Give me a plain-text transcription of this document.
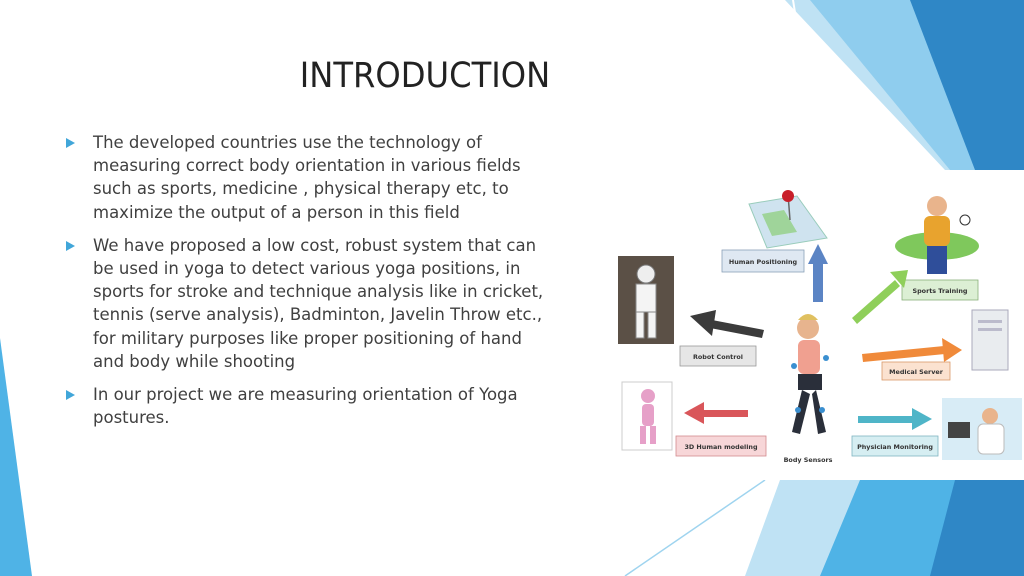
INTRODUCTION
The developed countries use the technology of measuring correct body orientation in various fields such as sports, medicine , physical therapy etc, to maximize the output of a person in this field
We have proposed a low cost, robust system that can be used in yoga to detect various yoga positions, in sports for stroke and technique analysis like in cricket, tennis (serve analysis), Badminton, Javelin Throw etc., for military purposes like proper positioning of hand and body while shooting
In our project we are measuring orientation of Yoga postures.
Human Positioning
Sports Training
Robot Control
Medical Server
Body Sensors
3D Human modeling	Physician Monitoring
